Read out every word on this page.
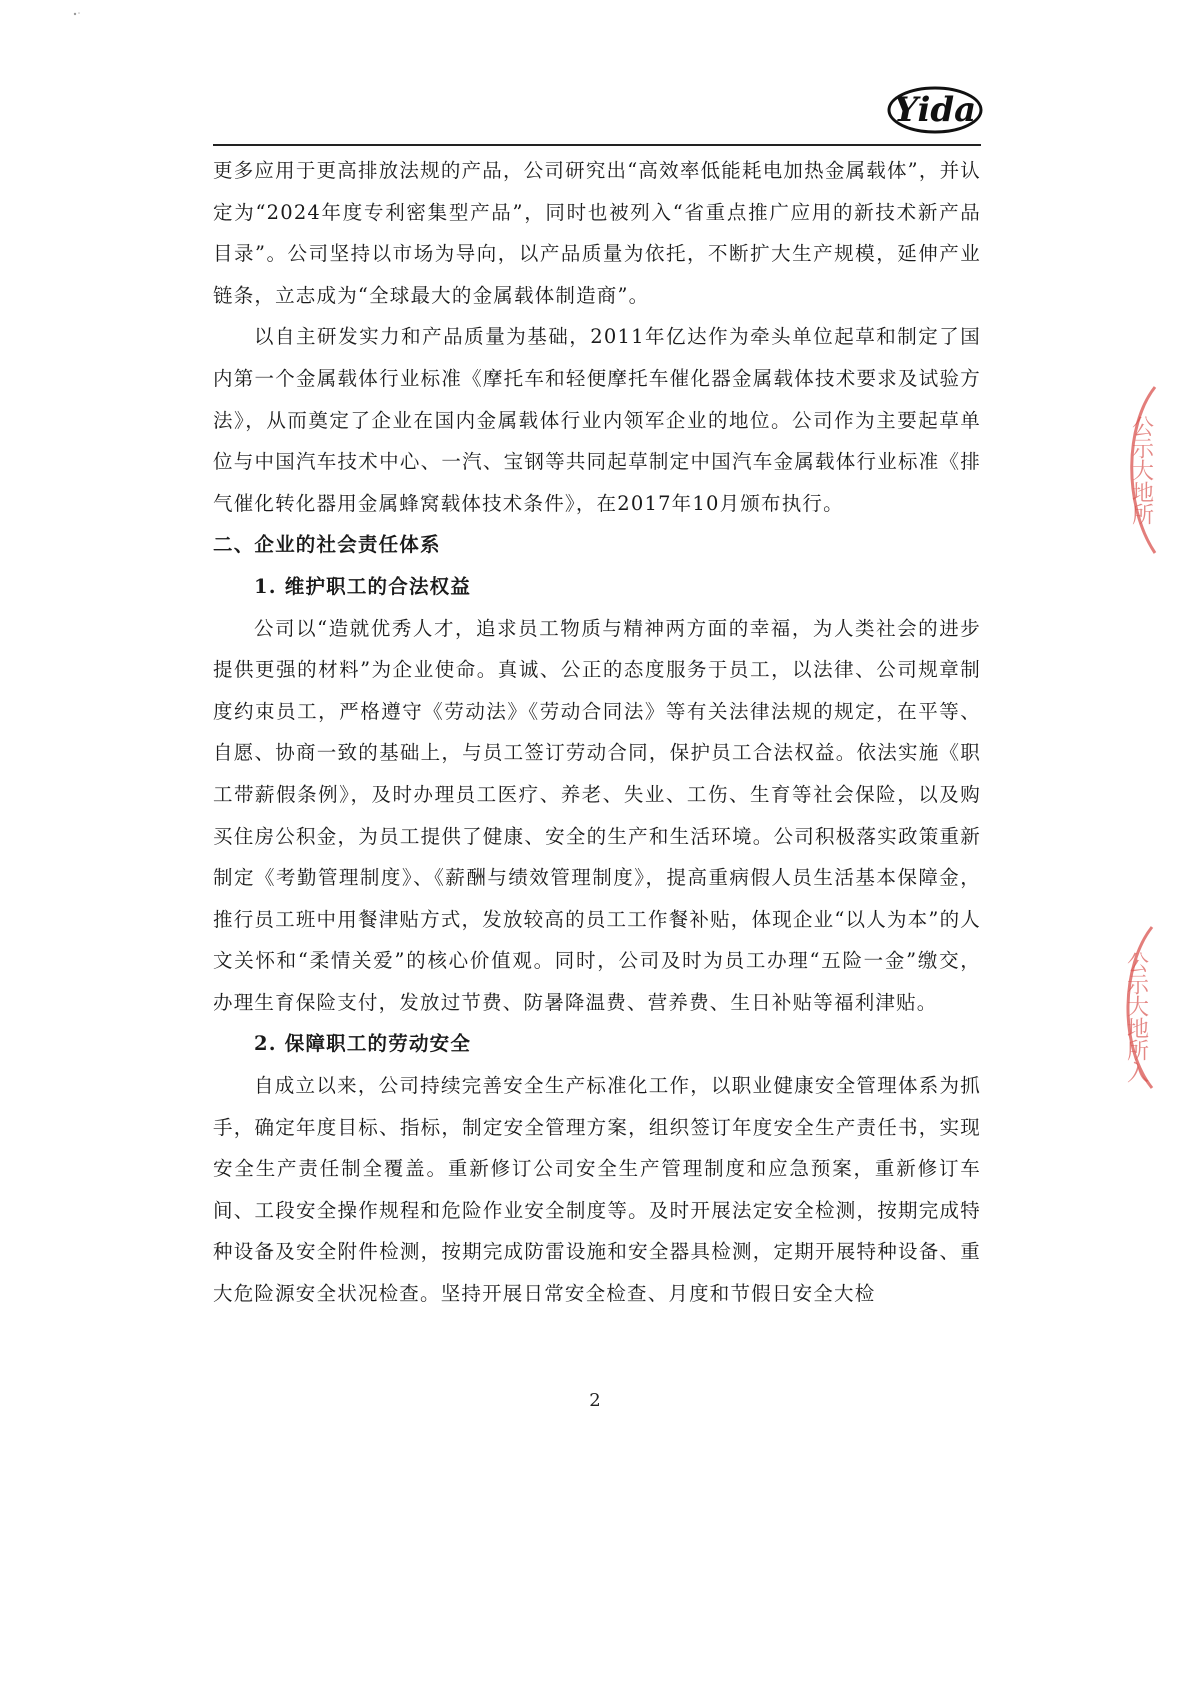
Yida

更多应用于更高排放法规的产品，公司研究出“高效率低能耗电加热金属载体”，并认定为“2024年度专利密集型产品”，同时也被列入“省重点推广应用的新技术新产品目录”。公司坚持以市场为导向，以产品质量为依托，不断扩大生产规模，延伸产业链条，立志成为“全球最大的金属载体制造商”。

以自主研发实力和产品质量为基础，2011年亿达作为牵头单位起草和制定了国内第一个金属载体行业标准《摩托车和轻便摩托车催化器金属载体技术要求及试验方法》，从而奠定了企业在国内金属载体行业内领军企业的地位。公司作为主要起草单位与中国汽车技术中心、一汽、宝钢等共同起草制定中国汽车金属载体行业标准《排气催化转化器用金属蜂窝载体技术条件》，在2017年10月颁布执行。

二、企业的社会责任体系

1. 维护职工的合法权益

公司以“造就优秀人才，追求员工物质与精神两方面的幸福，为人类社会的进步提供更强的材料”为企业使命。真诚、公正的态度服务于员工，以法律、公司规章制度约束员工，严格遵守《劳动法》《劳动合同法》等有关法律法规的规定，在平等、自愿、协商一致的基础上，与员工签订劳动合同，保护员工合法权益。依法实施《职工带薪假条例》，及时办理员工医疗、养老、失业、工伤、生育等社会保险，以及购买住房公积金，为员工提供了健康、安全的生产和生活环境。公司积极落实政策重新制定《考勤管理制度》、《薪酬与绩效管理制度》，提高重病假人员生活基本保障金，推行员工班中用餐津贴方式，发放较高的员工工作餐补贴，体现企业“以人为本”的人文关怀和“柔情关爱”的核心价值观。同时，公司及时为员工办理“五险一金”缴交，办理生育保险支付，发放过节费、防暑降温费、营养费、生日补贴等福利津贴。

2. 保障职工的劳动安全

自成立以来，公司持续完善安全生产标准化工作，以职业健康安全管理体系为抓手，确定年度目标、指标，制定安全管理方案，组织签订年度安全生产责任书，实现安全生产责任制全覆盖。重新修订公司安全生产管理制度和应急预案，重新修订车间、工段安全操作规程和危险作业安全制度等。及时开展法定安全检测，按期完成特种设备及安全附件检测，按期完成防雷设施和安全器具检测，定期开展特种设备、重大危险源安全状况检查。坚持开展日常安全检查、月度和节假日安全大检

2
公示大地所
公示大地所入
